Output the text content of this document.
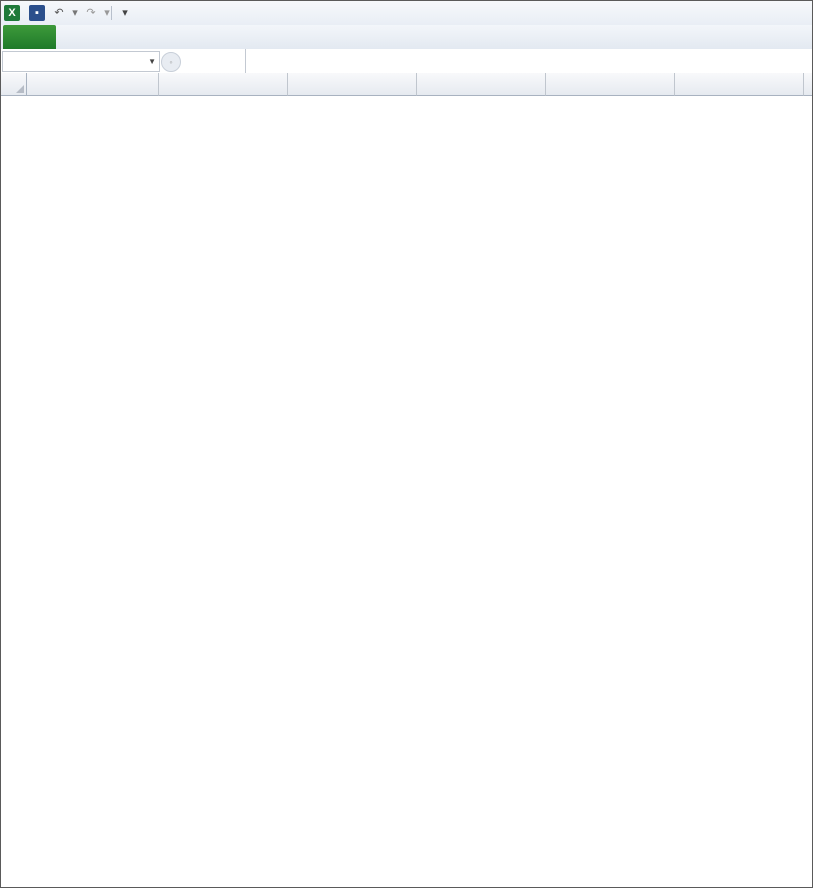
X	▪	↶ ▾ ↷ ▾	▾
▼	◦
